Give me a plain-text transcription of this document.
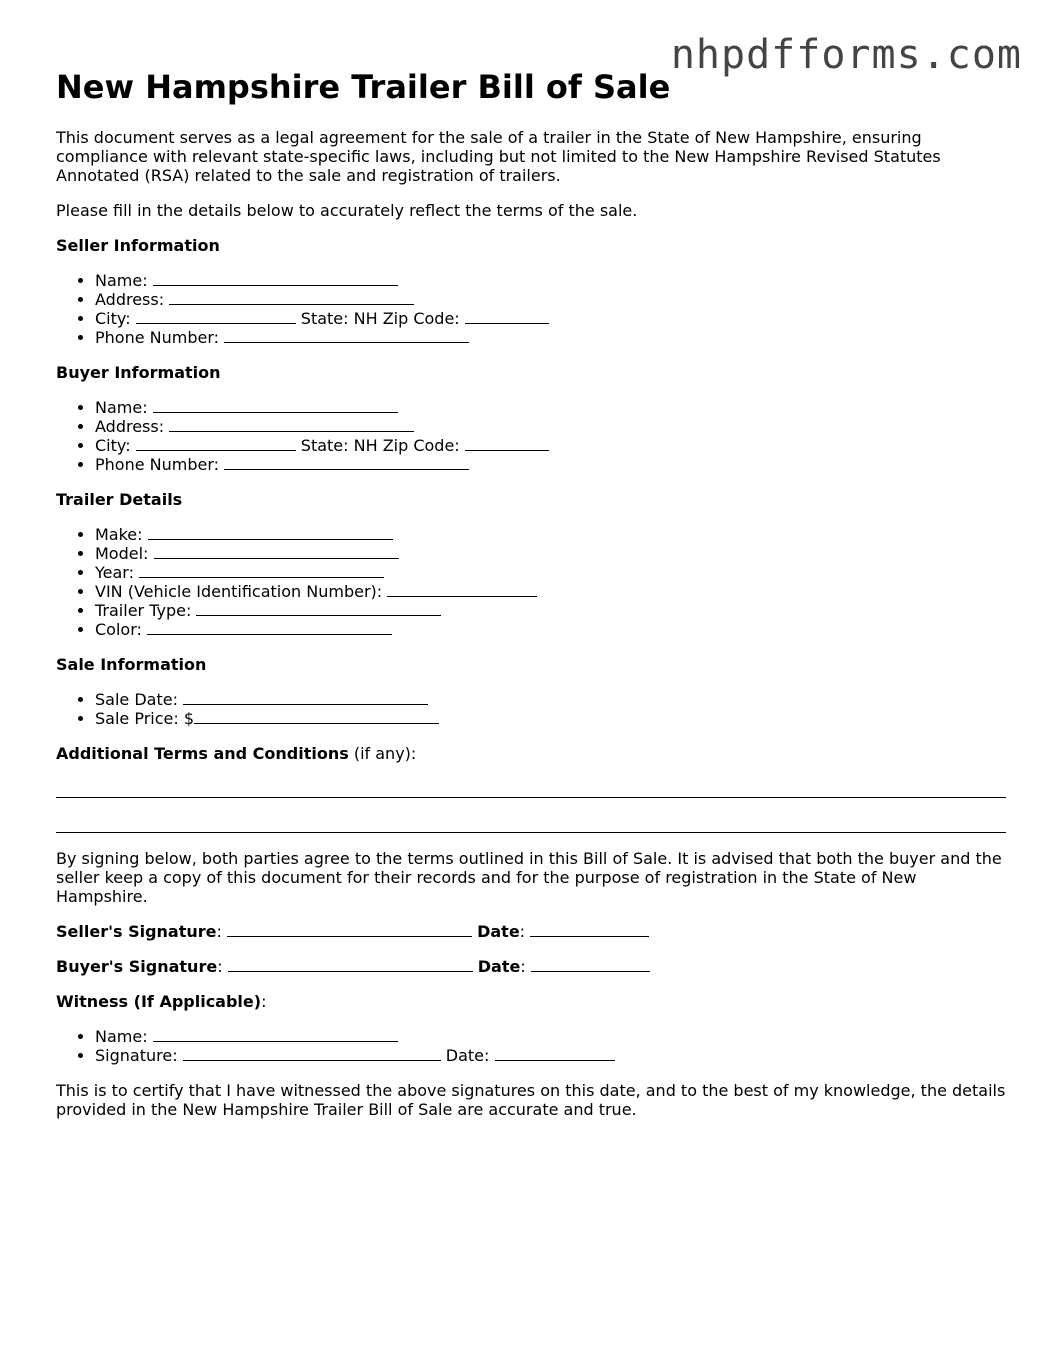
nhpdfforms.com
New Hampshire Trailer Bill of Sale

This document serves as a legal agreement for the sale of a trailer in the State of New Hampshire, ensuring compliance with relevant state-specific laws, including but not limited to the New Hampshire Revised Statutes Annotated (RSA) related to the sale and registration of trailers.

Please fill in the details below to accurately reflect the terms of the sale.

Seller Information
• Name:
• Address:
• City:	State: NH Zip Code:
• Phone Number:
Buyer Information
• Name:
• Address:
• City:	State: NH Zip Code:
• Phone Number:
Trailer Details
• Make:
• Model:
• Year:
• VIN (Vehicle Identification Number):
• Trailer Type:
• Color:
Sale Information
• Sale Date:
• Sale Price: $

Additional Terms and Conditions (if any):

By signing below, both parties agree to the terms outlined in this Bill of Sale. It is advised that both the buyer and the seller keep a copy of this document for their records and for the purpose of registration in the State of New Hampshire.

Seller's Signature:	Date:
Buyer's Signature:	Date:
Witness (If Applicable):
• Name:
• Signature:	Date:

This is to certify that I have witnessed the above signatures on this date, and to the best of my knowledge, the details provided in the New Hampshire Trailer Bill of Sale are accurate and true.
